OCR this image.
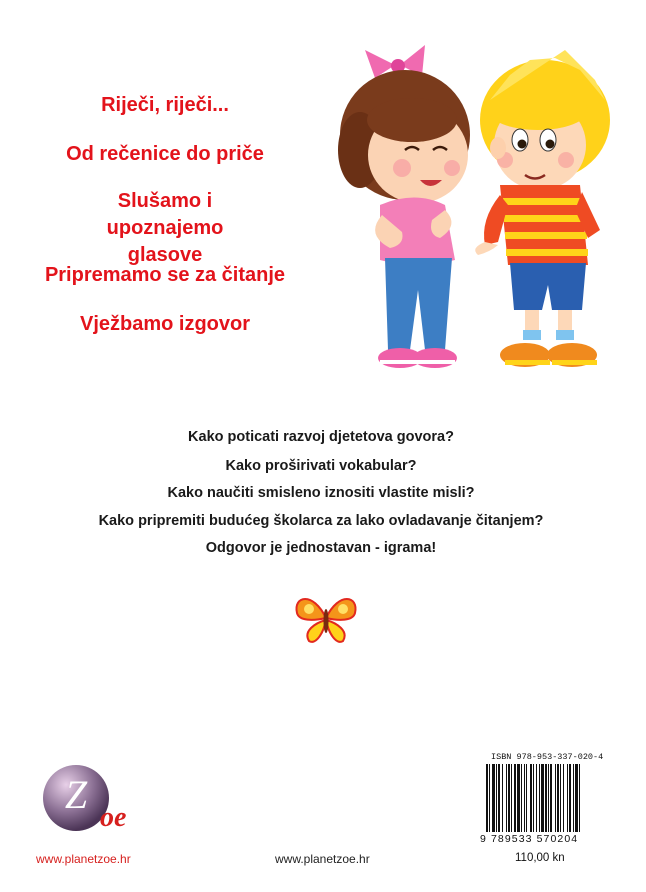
Riječi, riječi...
Od rečenice do priče
Slušamo i upoznajemo glasove
Pripremamo se za čitanje
Vježbamo izgovor
Kako poticati razvoj djetetova govora?
Kako proširivati vokabular?
Kako naučiti smisleno iznositi vlastite misli?
Kako pripremiti budućeg školarca za lako ovladavanje čitanjem?
Odgovor je jednostavan - igrama!
Z
oe
www.planetzoe.hr	www.planetzoe.hr
ISBN 978-953-337-020-4
9 789533 570204
110,00 kn
